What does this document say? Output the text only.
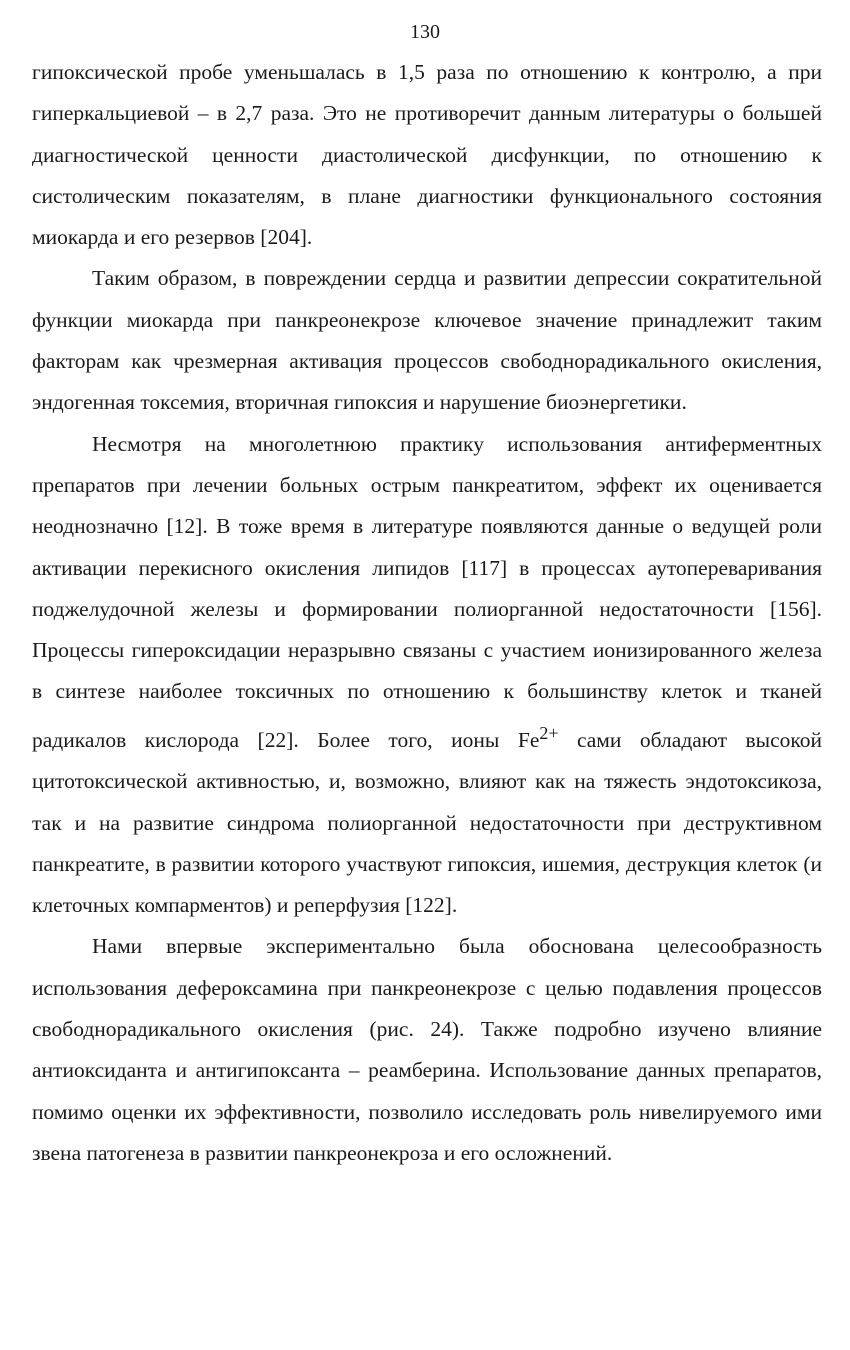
130

гипоксической пробе уменьшалась в 1,5 раза по отношению к контролю, а при гиперкальциевой – в 2,7 раза. Это не противоречит данным литературы о большей диагностической ценности диастолической дисфункции, по отношению к систолическим показателям, в плане диагностики функционального состояния миокарда и его резервов [204].

Таким образом, в повреждении сердца и развитии депрессии сократительной функции миокарда при панкреонекрозе ключевое значение принадлежит таким факторам как чрезмерная активация процессов свободнорадикального окисления, эндогенная токсемия, вторичная гипоксия и нарушение биоэнергетики.

Несмотря на многолетнюю практику использования антиферментных препаратов при лечении больных острым панкреатитом, эффект их оценивается неоднозначно [12]. В тоже время в литературе появляются данные о ведущей роли активации перекисного окисления липидов [117] в процессах аутопереваривания поджелудочной железы и формировании полиорганной недостаточности [156]. Процессы гипероксидации неразрывно связаны с участием ионизированного железа в синтезе наиболее токсичных по отношению к большинству клеток и тканей радикалов кислорода [22]. Более того, ионы $Fe^{2+}$ сами обладают высокой цитотоксической активностью, и, возможно, влияют как на тяжесть эндотоксикоза, так и на развитие синдрома полиорганной недостаточности при деструктивном панкреатите, в развитии которого участвуют гипоксия, ишемия, деструкция клеток (и клеточных компарментов) и реперфузия [122].

Нами впервые экспериментально была обоснована целесообразность использования дефероксамина при панкреонекрозе с целью подавления процессов свободнорадикального окисления (рис. 24). Также подробно изучено влияние антиоксиданта и антигипоксанта – реамберина. Использование данных препаратов, помимо оценки их эффективности, позволило исследовать роль нивелируемого ими звена патогенеза в развитии панкреонекроза и его осложнений.
